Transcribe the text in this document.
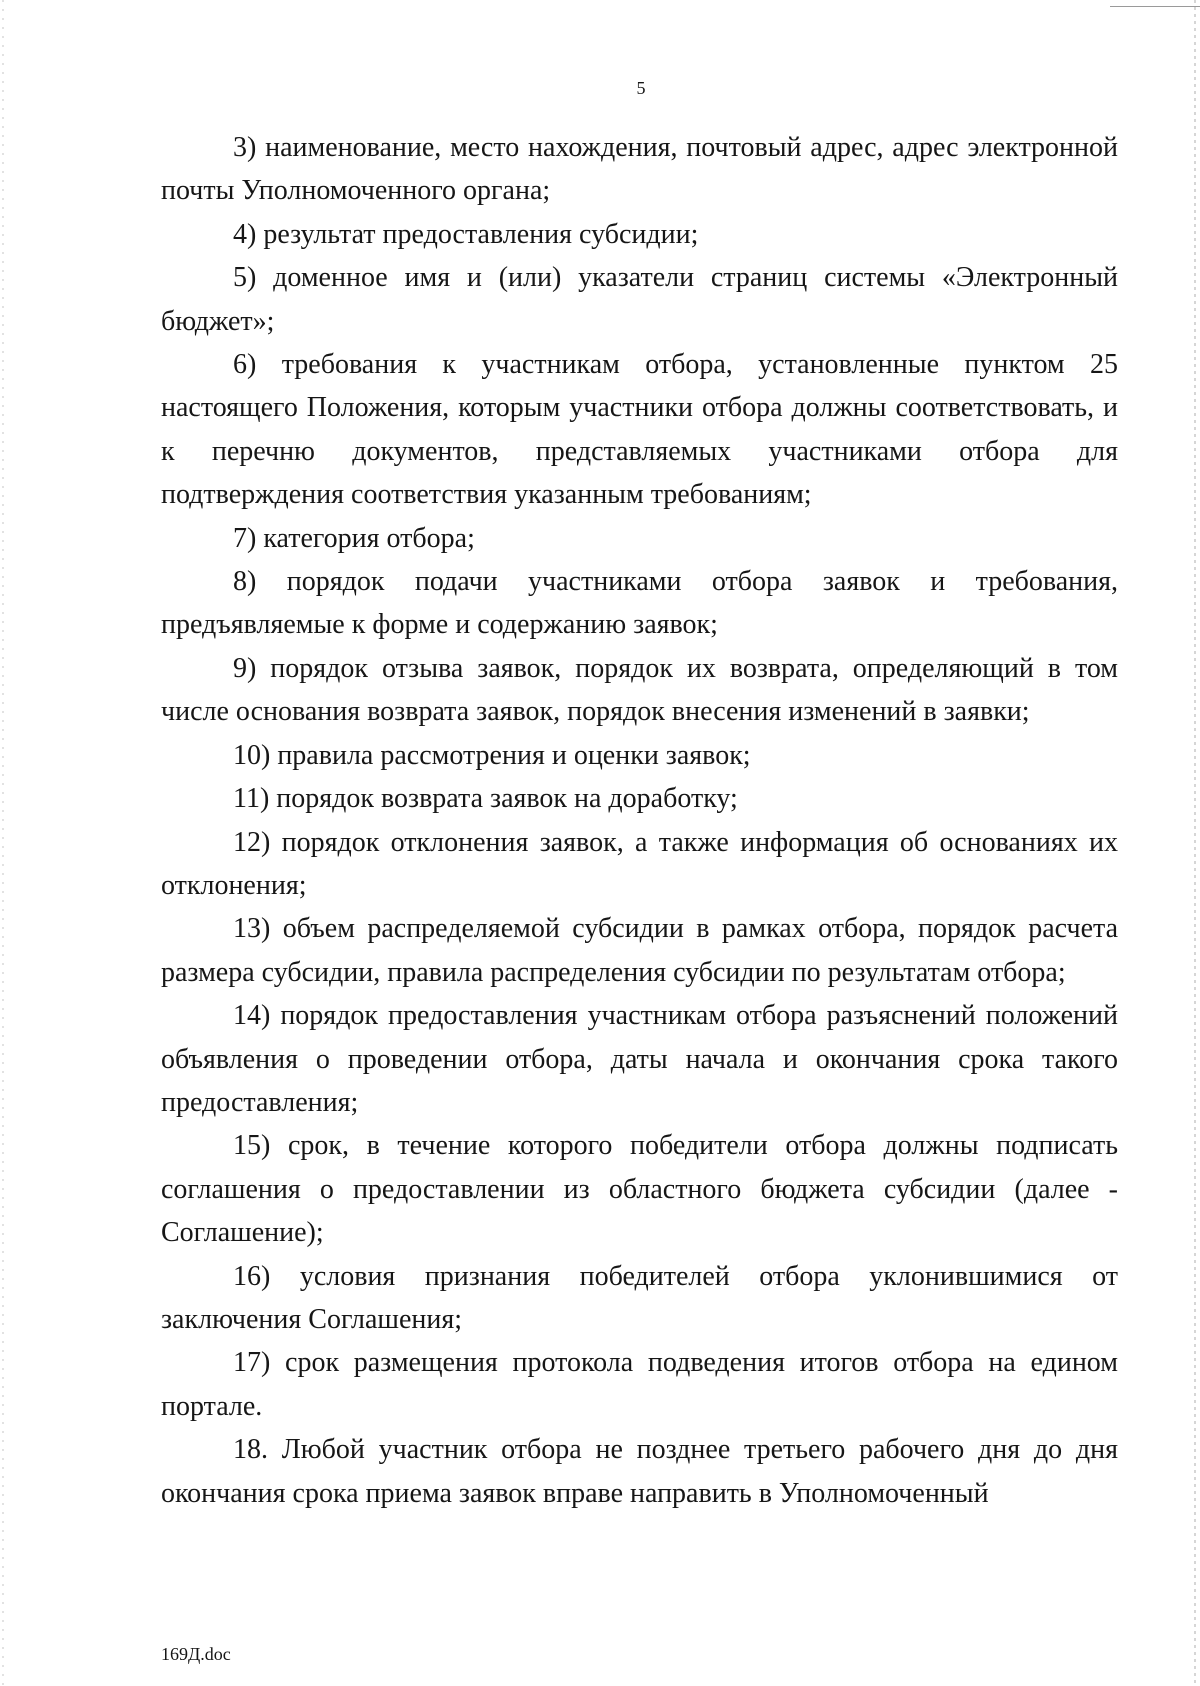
5

3) наименование, место нахождения, почтовый адрес, адрес электронной почты Уполномоченного органа;

4) результат предоставления субсидии;

5) доменное имя и (или) указатели страниц системы «Электронный бюджет»;

6) требования к участникам отбора, установленные пунктом 25 настоящего Положения, которым участники отбора должны соответствовать, и к перечню документов, представляемых участниками отбора для подтверждения соответствия указанным требованиям;

7) категория отбора;

8) порядок подачи участниками отбора заявок и требования, предъявляемые к форме и содержанию заявок;

9) порядок отзыва заявок, порядок их возврата, определяющий в том числе основания возврата заявок, порядок внесения изменений в заявки;

10) правила рассмотрения и оценки заявок;

11) порядок возврата заявок на доработку;

12) порядок отклонения заявок, а также информация об основаниях их отклонения;

13) объем распределяемой субсидии в рамках отбора, порядок расчета размера субсидии, правила распределения субсидии по результатам отбора;

14) порядок предоставления участникам отбора разъяснений положений объявления о проведении отбора, даты начала и окончания срока такого предоставления;

15) срок, в течение которого победители отбора должны подписать соглашения о предоставлении из областного бюджета субсидии (далее - Соглашение);

16) условия признания победителей отбора уклонившимися от заключения Соглашения;

17) срок размещения протокола подведения итогов отбора на едином портале.

18. Любой участник отбора не позднее третьего рабочего дня до дня окончания срока приема заявок вправе направить в Уполномоченный

169Д.doc
